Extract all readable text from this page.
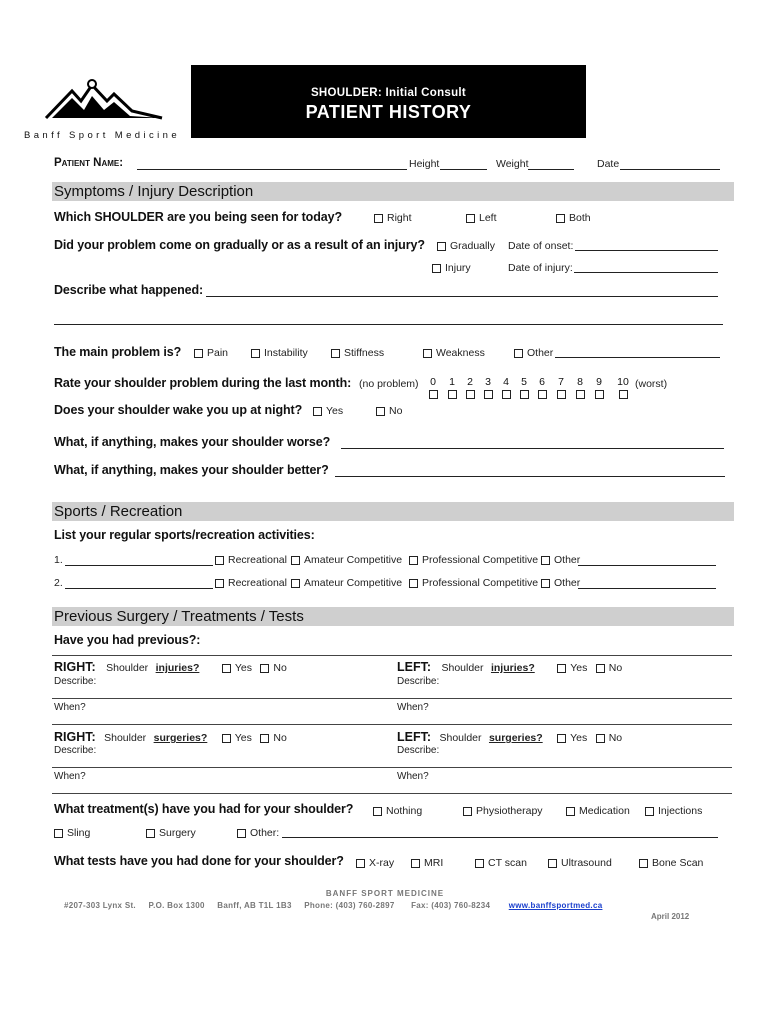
Banff Sport Medicine
SHOULDER: Initial Consult
PATIENT HISTORY
Patient Name:	Height	Weight	Date
Symptoms / Injury Description
Which SHOULDER are you being seen for today?	Right	Left	Both
Did your problem come on gradually or as a result of an injury?	Gradually Date of onset:
Injury	Date of injury:
Describe what happened:
The main problem is?	Pain	Instability	Stiffness	Weakness	Other
Rate your shoulder problem during the last month: (no problem)	0	1	2	3	4	5	6	7	8	9	10 (worst)
Does your shoulder wake you up at night?	Yes	No
What, if anything, makes your shoulder worse?
What, if anything, makes your shoulder better?
Sports / Recreation
List your regular sports/recreation activities:
1.	Recreational	Amateur Competitive	Professional Competitive	Other
2.	Recreational	Amateur Competitive	Professional Competitive	Other
Previous Surgery / Treatments / Tests
Have you had previous?:
RIGHT: Shoulder injuries?	Yes No	LEFT: Shoulder injuries?	Yes No
Describe:	Describe:
When?	When?
RIGHT: Shoulder surgeries?	Yes No	LEFT: Shoulder surgeries?	Yes No
Describe:	Describe:
When?	When?
What treatment(s) have you had for your shoulder?	Nothing	Physiotherapy	Medication	Injections
Sling	Surgery	Other:
What tests have you had done for your shoulder?	X-ray	MRI	CT scan	Ultrasound	Bone Scan
BANFF SPORT MEDICINE
#207-303 Lynx St. P.O. Box 1300 Banff, AB T1L 1B3 Phone: (403) 760-2897 Fax: (403) 760-8234 www.banffsportmed.ca
April 2012
